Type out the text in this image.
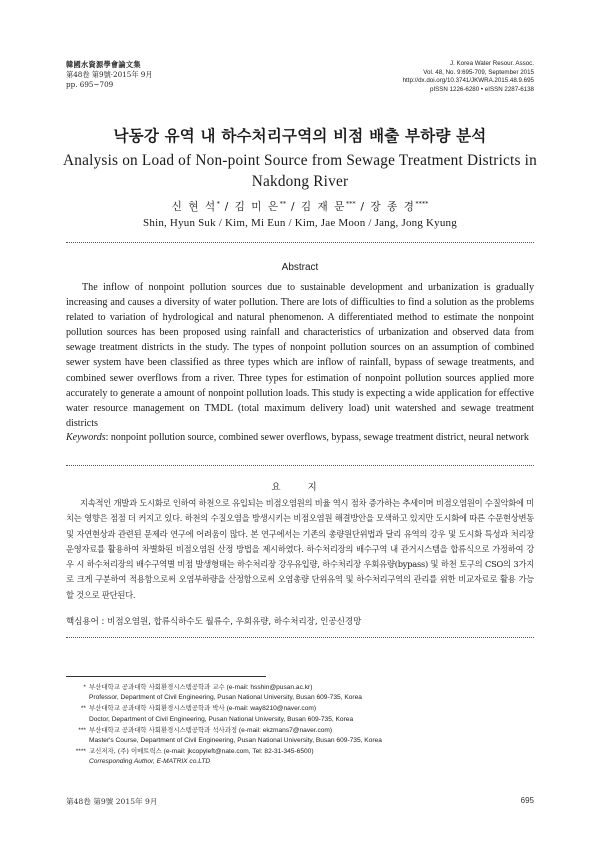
韓國水資源學會論文集
第48卷 第9號·2015年 9月
pp. 695~709
J. Korea Water Resour. Assoc.
Vol. 48, No. 9:695-709, September 2015
http://dx.doi.org/10.3741/JKWRA.2015.48.9.695
pISSN 1226-6280 • eISSN 2287-6138
낙동강 유역 내 하수처리구역의 비점 배출 부하량 분석
Analysis on Load of Non-point Source from Sewage Treatment Districts in
Nakdong River
신 현 석* / 김 미 은** / 김 재 문*** / 장 종 경****
Shin, Hyun Suk / Kim, Mi Eun / Kim, Jae Moon / Jang, Jong Kyung
Abstract
The inflow of nonpoint pollution sources due to sustainable development and urbanization is gradually increasing and causes a diversity of water pollution. There are lots of difficulties to find a solution as the problems related to variation of hydrological and natural phenomenon. A differentiated method to estimate the nonpoint pollution sources has been proposed using rainfall and characteristics of urbanization and observed data from sewage treatment districts in the study. The types of nonpoint pollution sources on an assumption of combined sewer system have been classified as three types which are inflow of rainfall, bypass of sewage treatments, and combined sewer overflows from a river. Three types for estimation of nonpoint pollution sources applied more accurately to generate a amount of nonpoint pollution loads. This study is expecting a wide application for effective water resource management on TMDL (total maximum delivery load) unit watershed and sewage treatment districts
Keywords: nonpoint pollution source, combined sewer overflows, bypass, sewage treatment district, neural network
요 지
지속적인 개발과 도시화로 인하여 하천으로 유입되는 비점오염원의 비율 역시 점차 증가하는 추세이며 비점오염원이 수질악화에 미치는 영향은 점점 더 커지고 있다. 하천의 수질오염을 방생시키는 비점오염원 해결방안을 모색하고 있지만 도시화에 따른 수문현상변동 및 자연현상과 관련된 문제라 연구에 어려움이 많다. 본 연구에서는 기존의 총량원단위법과 달리 유역의 강우 및 도시화 특성과 처리장 운영자료를 활용하여 차별화된 비점오염원 산정 방법을 제시하였다. 하수처리장의 배수구역 내 관거시스템을 합류식으로 가정하여 강우 시 하수처리장의 배수구역별 비점 발생형태는 하수처리장 강우유입량, 하수처리장 우회유량(bypass) 및 하천 토구의 CSO의 3가지로 크게 구분하여 적용함으로써 오염부하량을 산정함으로써 오염총량 단위유역 및 하수처리구역의 관리를 위한 비교자료로 활용 가능할 것으로 판단된다.
핵심용어 : 비점오염원, 합류식하수도 월류수, 우회유량, 하수처리장, 인공신경망
* 부산대학교 공과대학 사회환경시스템공학과 교수 (e-mail: hsshin@pusan.ac.kr)
Professor, Department of Civil Engineering, Pusan National University, Busan 609-735, Korea
** 부산대학교 공과대학 사회환경시스템공학과 박사 (e-mail: way8210@naver.com)
Doctor, Department of Civil Engineering, Pusan National University, Busan 609-735, Korea
*** 부산대학교 공과대학 사회환경시스템공학과 석사과정 (e-mail: ekzmans7@naver.com)
Master's Course, Department of Civil Engineering, Pusan National University, Busan 609-735, Korea
**** 교신저자, (주) 이메트릭스 (e-mail: jkcopyleft@nate.com, Tel: 82-31-345-6500)
Corresponding Author, E-MATRIX co.LTD
第48卷 第9號 2015年 9月	695
